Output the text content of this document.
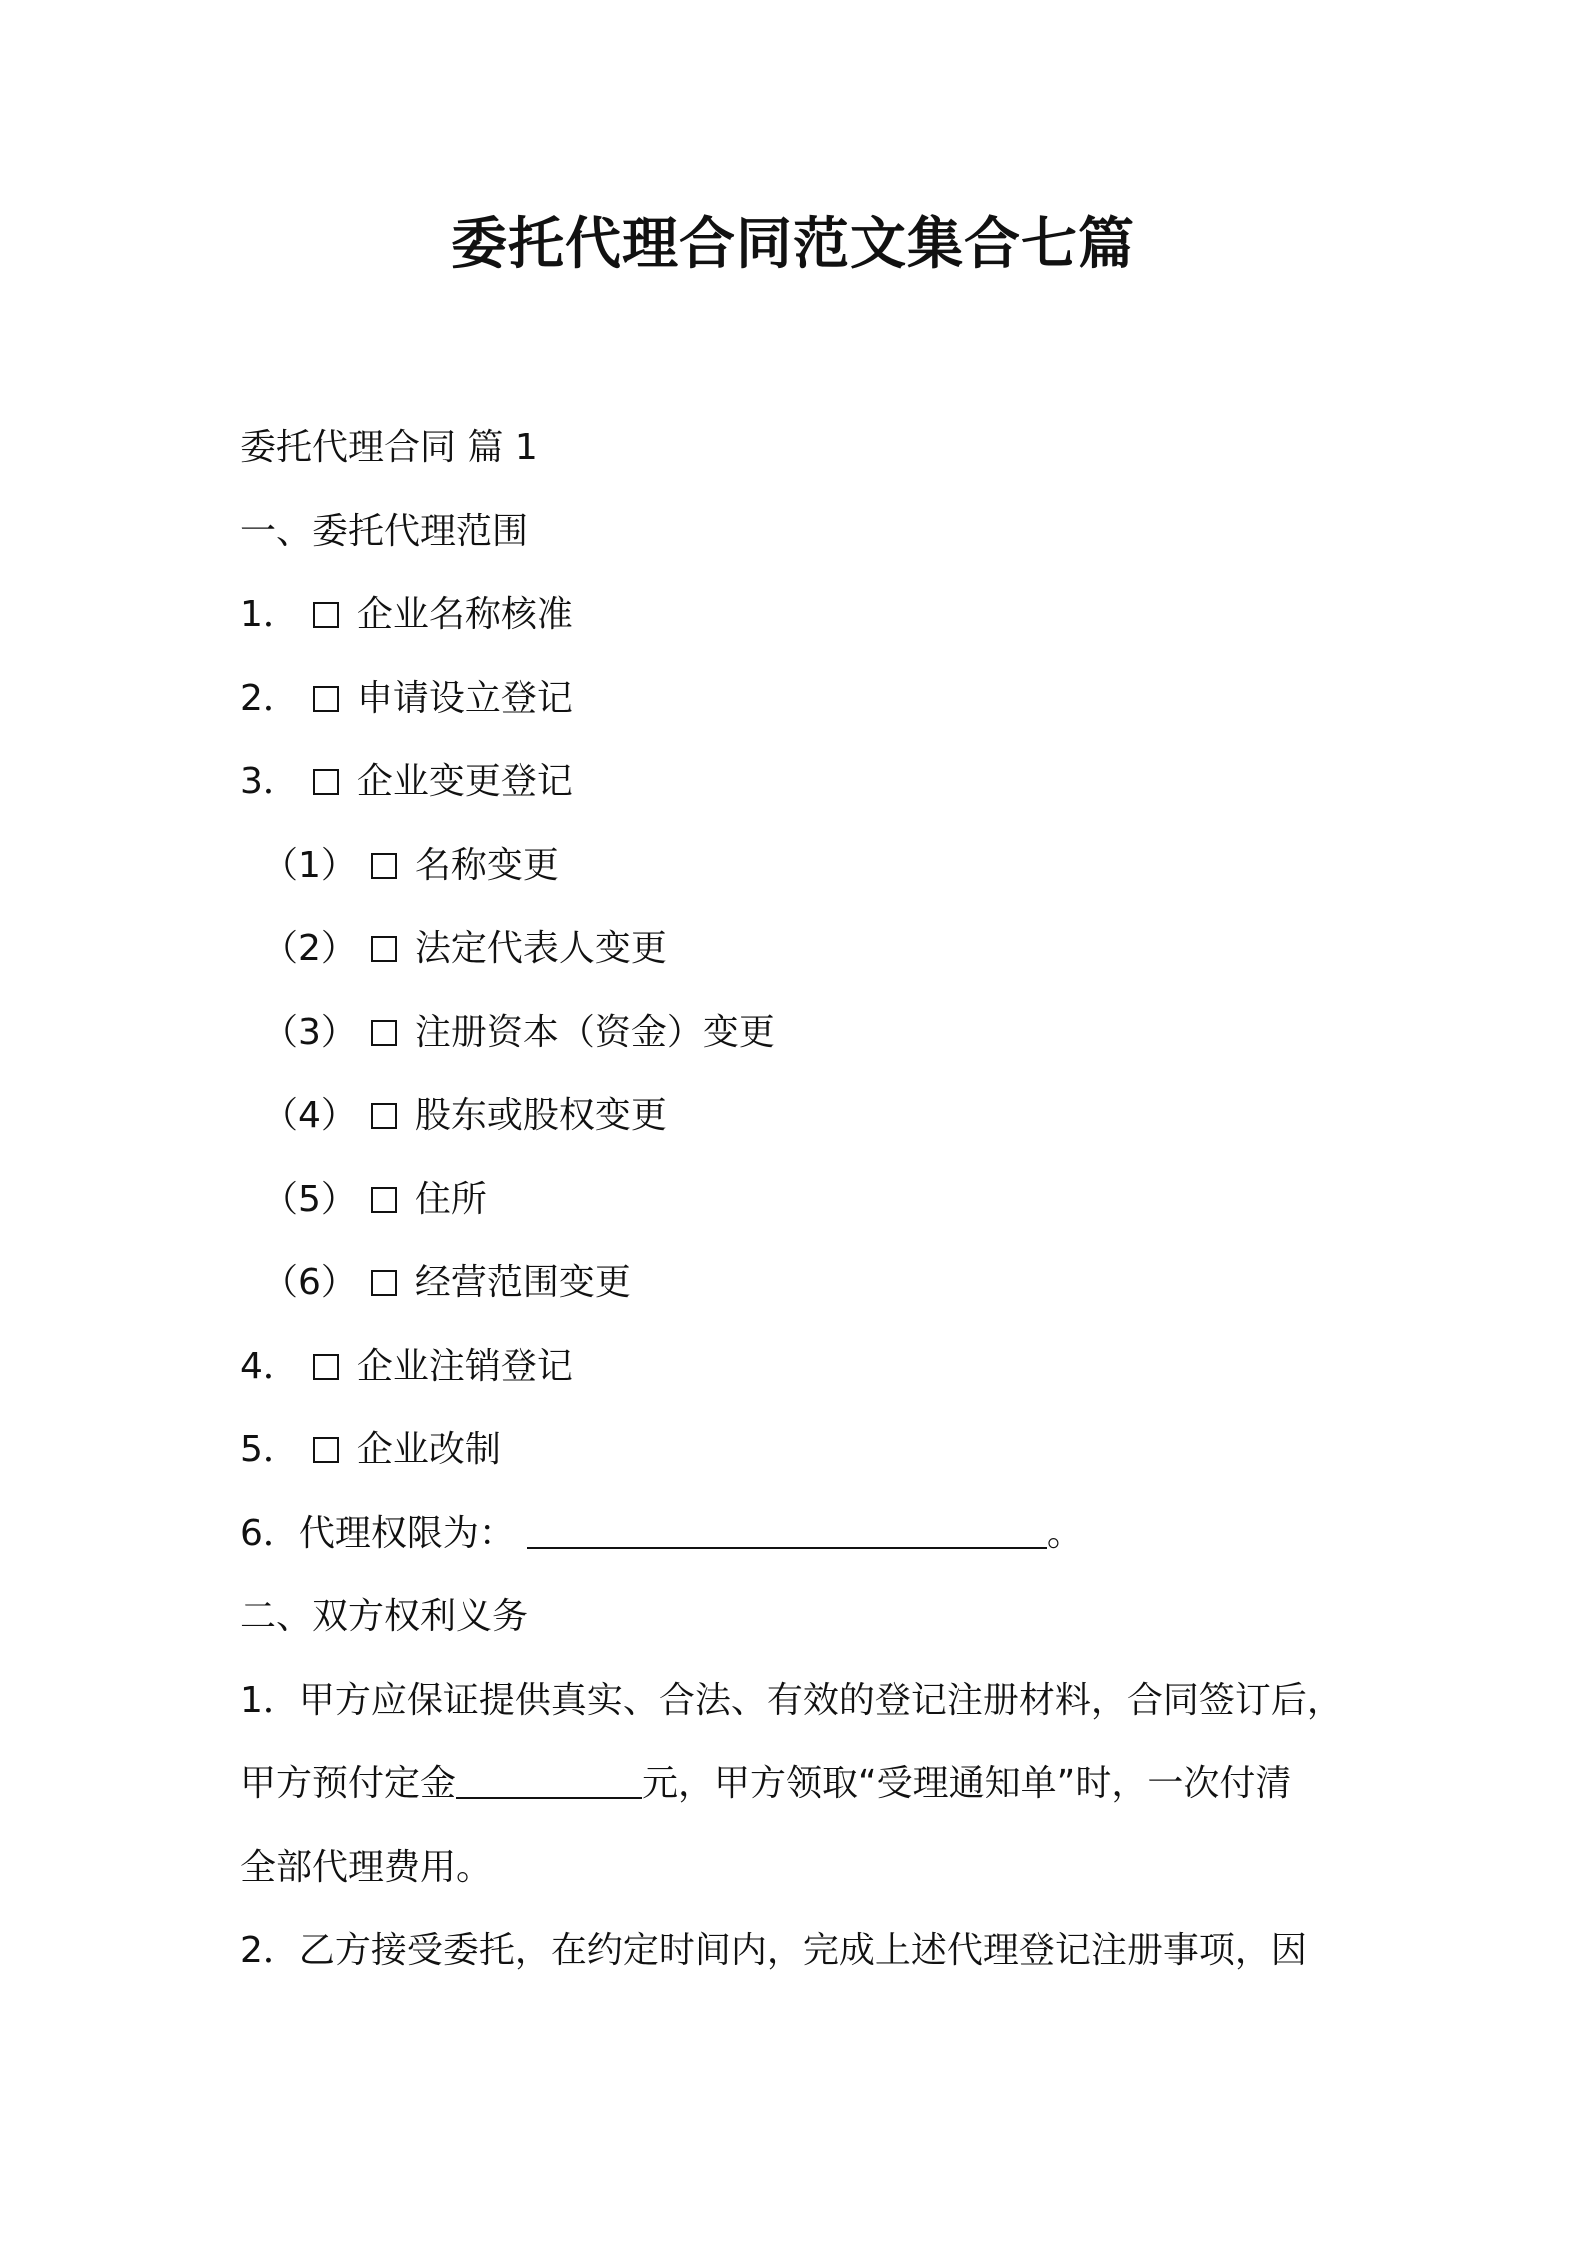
委托代理合同范文集合七篇
委托代理合同 篇 1
一、委托代理范围
1． 企业名称核准
2． 申请设立登记
3． 企业变更登记
（1） 名称变更
（2） 法定代表人变更
（3） 注册资本（资金）变更
（4） 股东或股权变更
（5） 住所
（6） 经营范围变更
4． 企业注销登记
5． 企业改制
6．代理权限为：	。
二、双方权利义务
1．甲方应保证提供真实、合法、有效的登记注册材料，合同签订后，
甲方预付定金	元，甲方领取“受理通知单”时，一次付清
全部代理费用。
2．乙方接受委托，在约定时间内，完成上述代理登记注册事项，因
